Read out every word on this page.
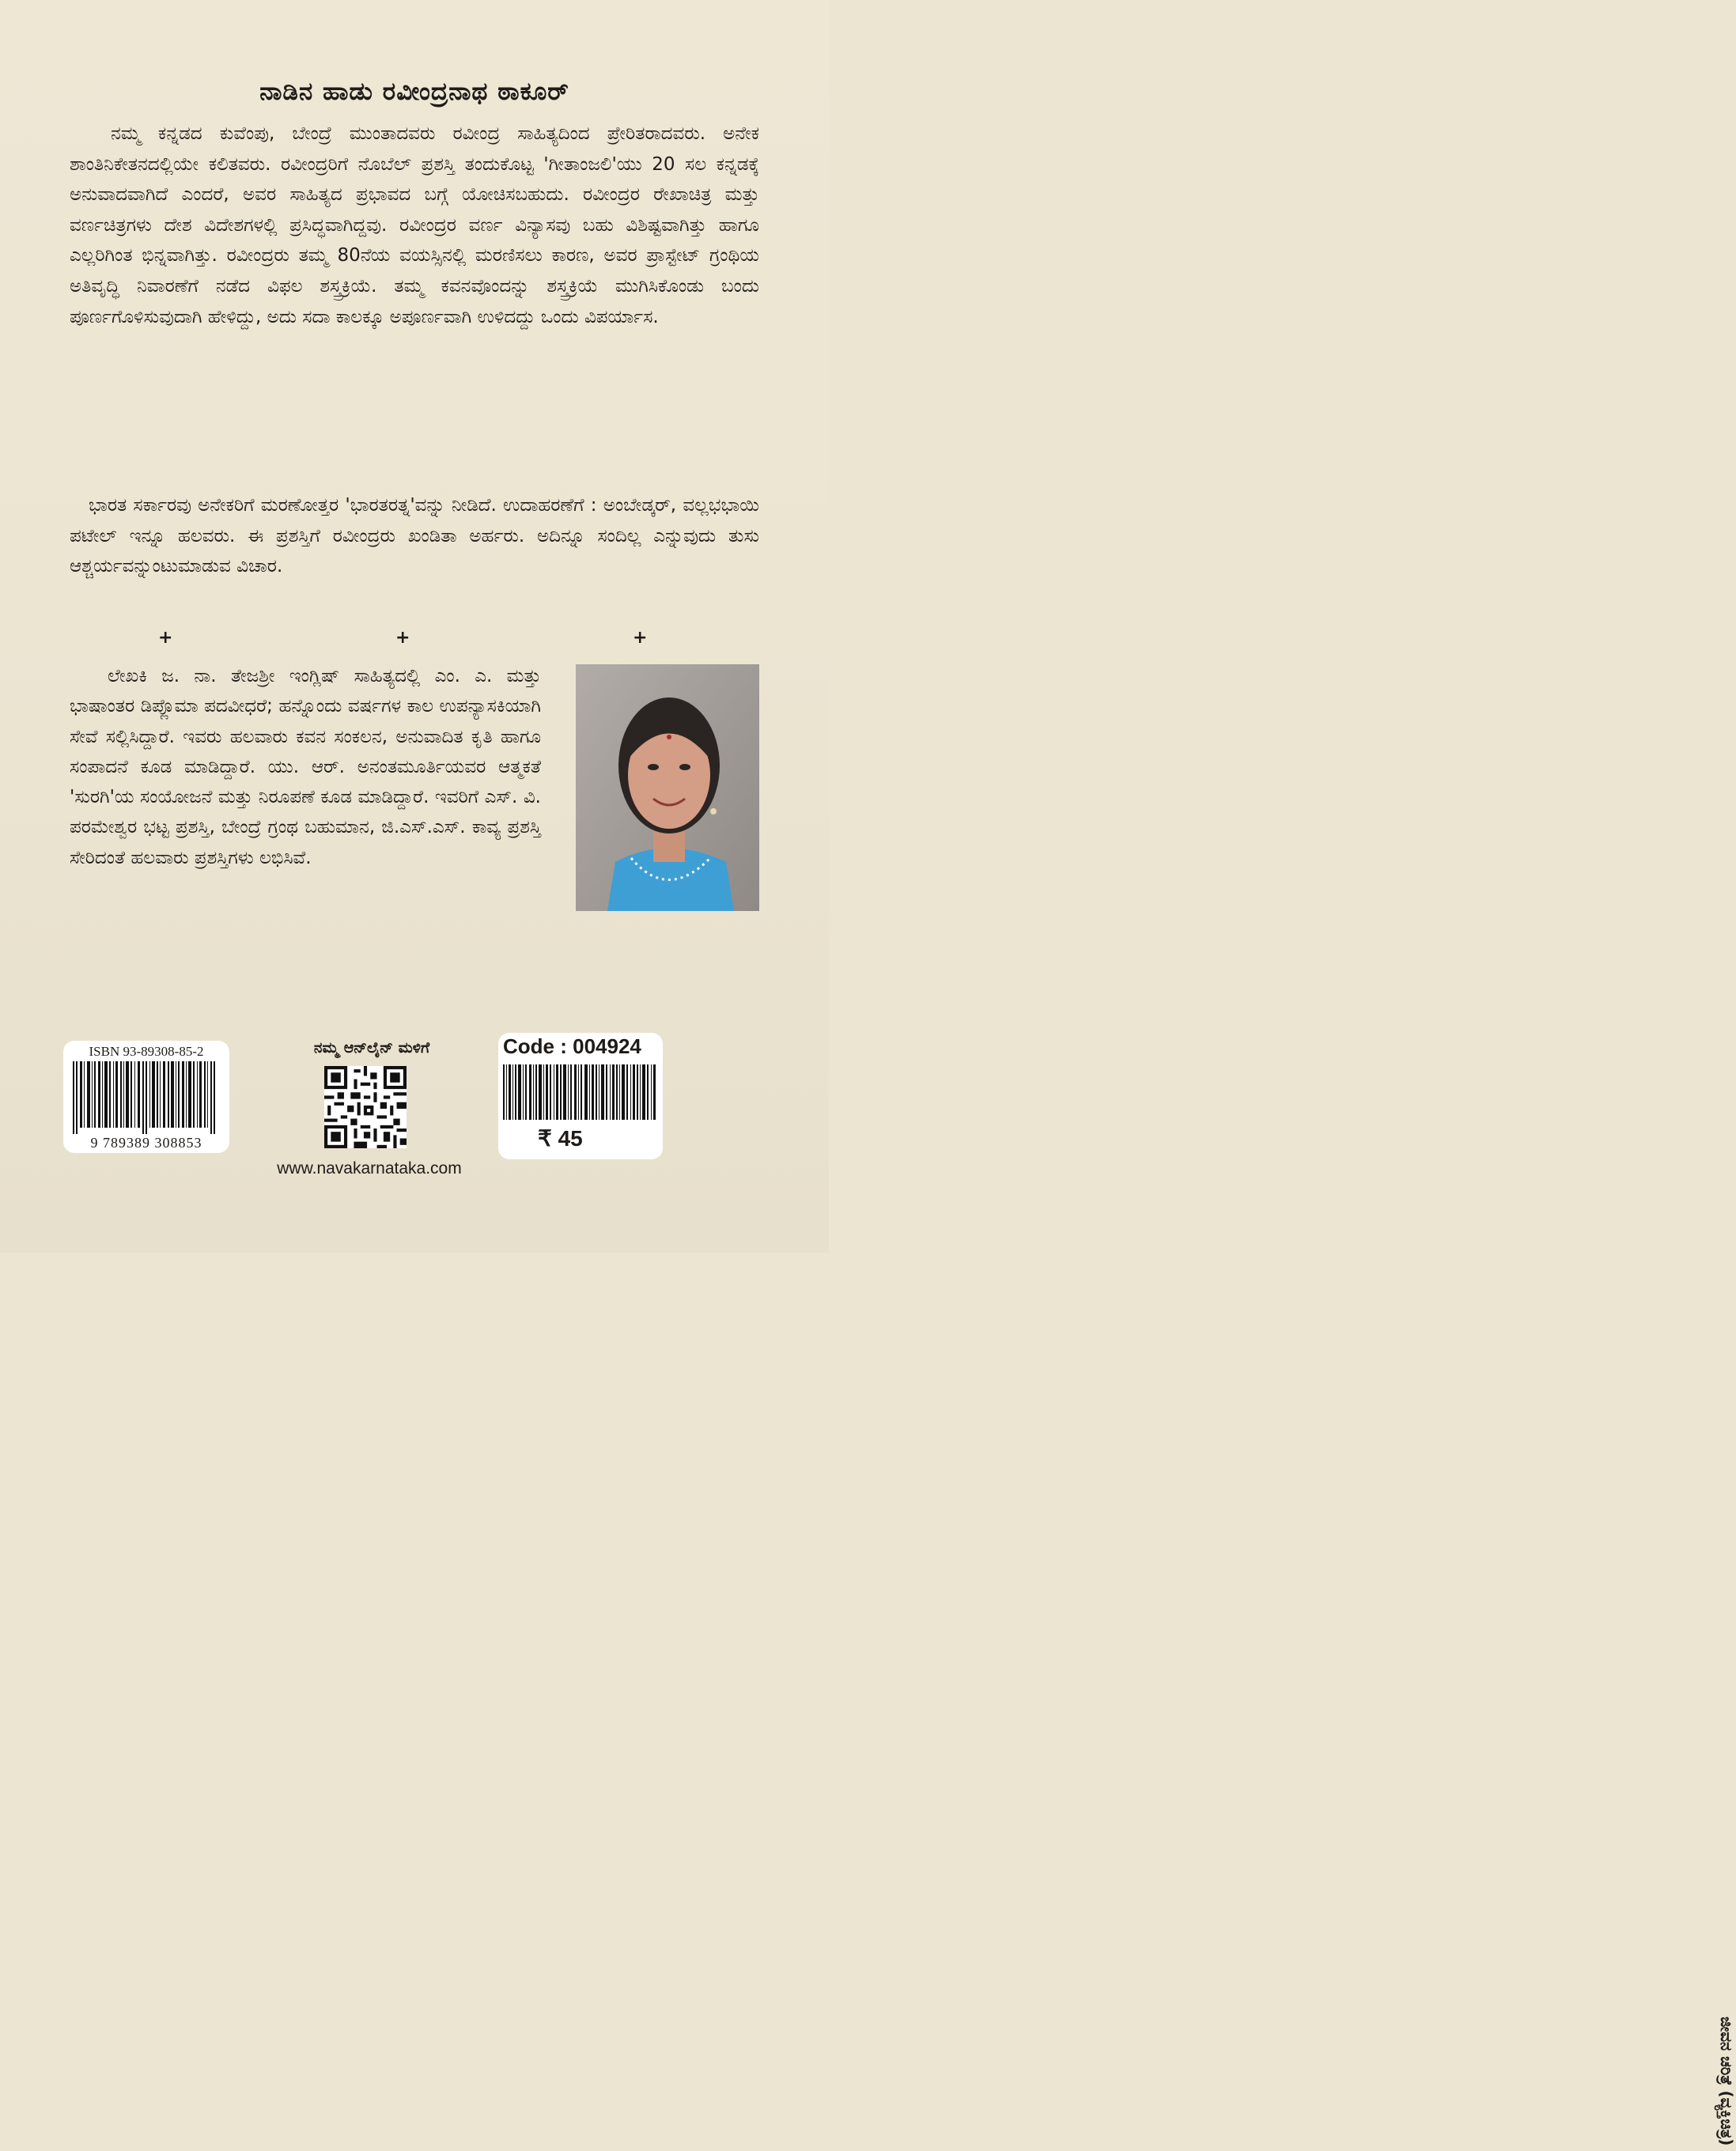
ನಾಡಿನ ಹಾಡು ರವೀಂದ್ರನಾಥ ಠಾಕೂರ್

ನಮ್ಮ ಕನ್ನಡದ ಕುವೆಂಪು, ಬೇಂದ್ರೆ ಮುಂತಾದವರು ರವೀಂದ್ರ ಸಾಹಿತ್ಯದಿಂದ ಪ್ರೇರಿತರಾದವರು. ಅನೇಕ ಶಾಂತಿನಿಕೇತನದಲ್ಲಿಯೇ ಕಲಿತವರು. ರವೀಂದ್ರರಿಗೆ ನೊಬೆಲ್ ಪ್ರಶಸ್ತಿ ತಂದುಕೊಟ್ಟ 'ಗೀತಾಂಜಲಿ'ಯು 20 ಸಲ ಕನ್ನಡಕ್ಕೆ ಅನುವಾದವಾಗಿದೆ ಎಂದರೆ, ಅವರ ಸಾಹಿತ್ಯದ ಪ್ರಭಾವದ ಬಗ್ಗೆ ಯೋಚಿಸಬಹುದು. ರವೀಂದ್ರರ ರೇಖಾಚಿತ್ರ ಮತ್ತು ವರ್ಣಚಿತ್ರಗಳು ದೇಶ ವಿದೇಶಗಳಲ್ಲಿ ಪ್ರಸಿದ್ಧವಾಗಿದ್ದವು. ರವೀಂದ್ರರ ವರ್ಣ ವಿನ್ಯಾಸವು ಬಹು ವಿಶಿಷ್ಟವಾಗಿತ್ತು ಹಾಗೂ ಎಲ್ಲರಿಗಿಂತ ಭಿನ್ನವಾಗಿತ್ತು. ರವೀಂದ್ರರು ತಮ್ಮ 80ನೆಯ ವಯಸ್ಸಿನಲ್ಲಿ ಮರಣಿಸಲು ಕಾರಣ, ಅವರ ಪ್ರಾಸ್ಟೇಟ್ ಗ್ರಂಥಿಯ ಅತಿವೃದ್ಧಿ ನಿವಾರಣೆಗೆ ನಡೆದ ವಿಫಲ ಶಸ್ತ್ರಕ್ರಿಯೆ. ತಮ್ಮ ಕವನವೊಂದನ್ನು ಶಸ್ತ್ರಕ್ರಿಯೆ ಮುಗಿಸಿಕೊಂಡು ಬಂದು ಪೂರ್ಣಗೊಳಿಸುವುದಾಗಿ ಹೇಳಿದ್ದು, ಅದು ಸದಾ ಕಾಲಕ್ಕೂ ಅಪೂರ್ಣವಾಗಿ ಉಳಿದದ್ದು ಒಂದು ವಿಪರ್ಯಾಸ.

ಭಾರತ ಸರ್ಕಾರವು ಅನೇಕರಿಗೆ ಮರಣೋತ್ತರ 'ಭಾರತರತ್ನ'ವನ್ನು ನೀಡಿದೆ. ಉದಾಹರಣೆಗೆ : ಅಂಬೇಡ್ಕರ್, ವಲ್ಲಭಭಾಯಿ ಪಟೇಲ್ ಇನ್ನೂ ಹಲವರು. ಈ ಪ್ರಶಸ್ತಿಗೆ ರವೀಂದ್ರರು ಖಂಡಿತಾ ಅರ್ಹರು. ಅದಿನ್ನೂ ಸಂದಿಲ್ಲ ಎನ್ನುವುದು ತುಸು ಆಶ್ಚರ್ಯವನ್ನುಂಟುಮಾಡುವ ವಿಚಾರ.

+	+	+

ಲೇಖಕಿ ಜ. ನಾ. ತೇಜಶ್ರೀ ಇಂಗ್ಲಿಷ್ ಸಾಹಿತ್ಯದಲ್ಲಿ ಎಂ. ಎ. ಮತ್ತು ಭಾಷಾಂತರ ಡಿಪ್ಲೊಮಾ ಪದವೀಧರೆ; ಹನ್ನೊಂದು ವರ್ಷಗಳ ಕಾಲ ಉಪನ್ಯಾಸಕಿಯಾಗಿ ಸೇವೆ ಸಲ್ಲಿಸಿದ್ದಾರೆ. ಇವರು ಹಲವಾರು ಕವನ ಸಂಕಲನ, ಅನುವಾದಿತ ಕೃತಿ ಹಾಗೂ ಸಂಪಾದನೆ ಕೂಡ ಮಾಡಿದ್ದಾರೆ. ಯು. ಆರ್. ಅನಂತಮೂರ್ತಿಯವರ ಆತ್ಮಕತೆ 'ಸುರಗಿ'ಯ ಸಂಯೋಜನೆ ಮತ್ತು ನಿರೂಪಣೆ ಕೂಡ ಮಾಡಿದ್ದಾರೆ. ಇವರಿಗೆ ಎಸ್. ವಿ. ಪರಮೇಶ್ವರ ಭಟ್ಟ ಪ್ರಶಸ್ತಿ, ಬೇಂದ್ರೆ ಗ್ರಂಥ ಬಹುಮಾನ, ಜಿ.ಎಸ್.ಎಸ್. ಕಾವ್ಯ ಪ್ರಶಸ್ತಿ ಸೇರಿದಂತೆ ಹಲವಾರು ಪ್ರಶಸ್ತಿಗಳು ಲಭಿಸಿವೆ.

ISBN 93-89308-85-2
9 789389 308853
ನಮ್ಮ ಆನ್‌ಲೈನ್ ಮಳಿಗೆ
www.navakarnataka.com
Code : 004924
₹ 45
ಜೀವನ ಚರಿತ್ರೆ (ವ್ಯಕ್ತಿಚಿತ್ರ)
